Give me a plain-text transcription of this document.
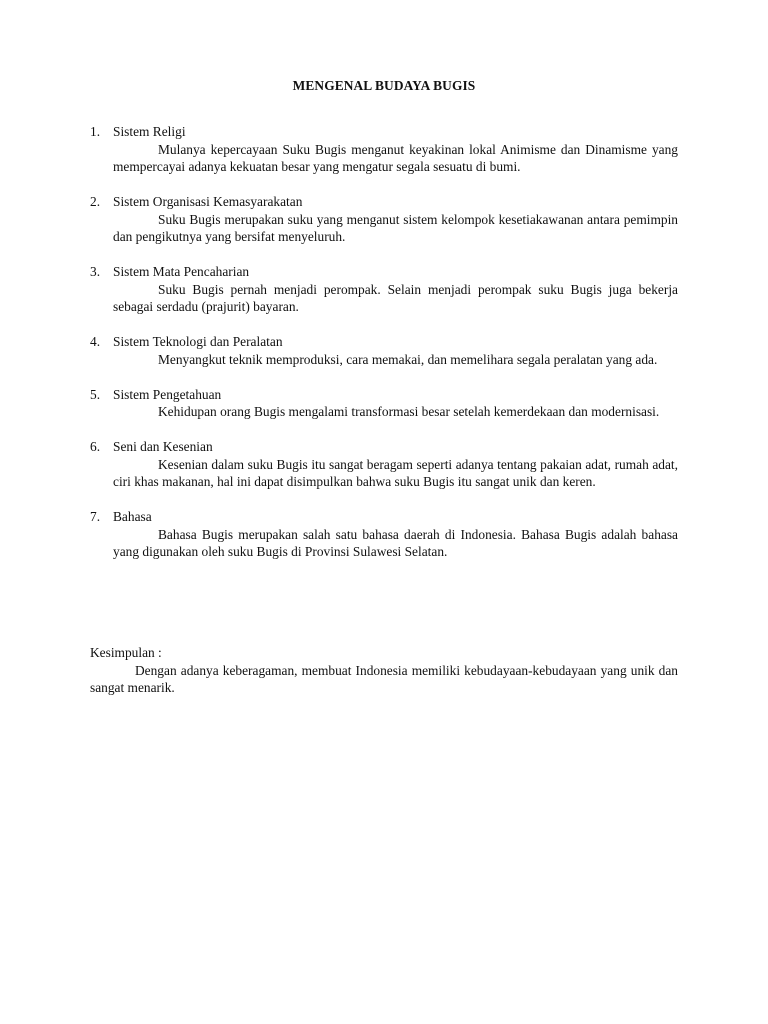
MENGENAL BUDAYA BUGIS
1. Sistem Religi
Mulanya kepercayaan Suku Bugis menganut keyakinan lokal Animisme dan Dinamisme yang mempercayai adanya kekuatan besar yang mengatur segala sesuatu di bumi.
2. Sistem Organisasi Kemasyarakatan
Suku Bugis merupakan suku yang menganut sistem kelompok kesetiakawanan antara pemimpin dan pengikutnya yang bersifat menyeluruh.
3. Sistem Mata Pencaharian
Suku Bugis pernah menjadi perompak. Selain menjadi perompak suku Bugis juga bekerja sebagai serdadu (prajurit) bayaran.
4. Sistem Teknologi dan Peralatan
Menyangkut teknik memproduksi, cara memakai, dan memelihara segala peralatan yang ada.
5. Sistem Pengetahuan
Kehidupan orang Bugis mengalami transformasi besar setelah kemerdekaan dan modernisasi.
6. Seni dan Kesenian
Kesenian dalam suku Bugis itu sangat beragam seperti adanya tentang pakaian adat, rumah adat, ciri khas makanan, hal ini dapat disimpulkan bahwa suku Bugis itu sangat unik dan keren.
7. Bahasa
Bahasa Bugis merupakan salah satu bahasa daerah di Indonesia. Bahasa Bugis adalah bahasa yang digunakan oleh suku Bugis di Provinsi Sulawesi Selatan.
Kesimpulan :
Dengan adanya keberagaman, membuat Indonesia memiliki kebudayaan-kebudayaan yang unik dan sangat menarik.
